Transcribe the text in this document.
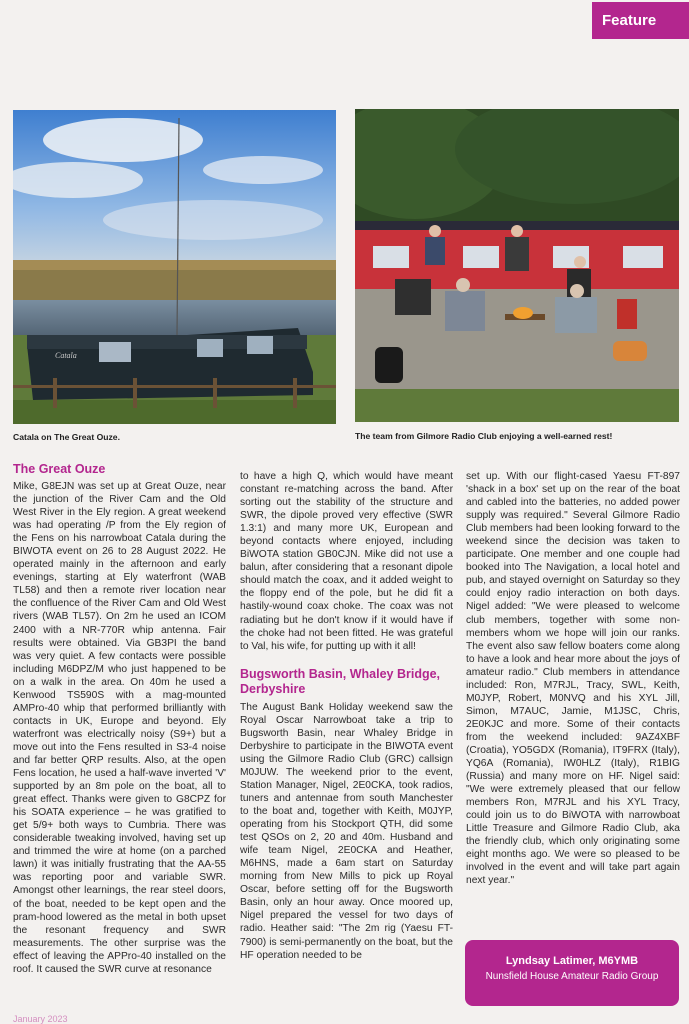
Feature
Catala
Catala on The Great Ouze.	The team from Gilmore Radio Club enjoying a well-earned rest!
The Great Ouze

Mike, G8EJN was set up at Great Ouze, near the junction of the River Cam and the Old West River in the Ely region. A great weekend was had operating /P from the Ely region of the Fens on his narrowboat Catala during the BIWOTA event on 26 to 28 August 2022. He operated mainly in the afternoon and early evenings, starting at Ely waterfront (WAB TL58) and then a remote river location near the confluence of the River Cam and Old West rivers (WAB TL57). On 2m he used an ICOM 2400 with a NR-770R whip antenna. Fair results were obtained. Via GB3PI the band was very quiet. A few contacts were possible including M6DPZ/M who just happened to be on a walk in the area. On 40m he used a Kenwood TS590S with a mag-mounted AMPro-40 whip that performed brilliantly with contacts in UK, Europe and beyond. Ely waterfront was electrically noisy (S9+) but a move out into the Fens resulted in S3-4 noise and far better QRP results. Also, at the open Fens location, he used a half-wave inverted 'V' supported by an 8m pole on the boat, all to great effect. Thanks were given to G8CPZ for his SOATA experience – he was gratified to get 5/9+ both ways to Cumbria. There was considerable tweaking involved, having set up and trimmed the wire at home (on a parched lawn) it was initially frustrating that the AA-55 was reporting poor and variable SWR. Amongst other learnings, the rear steel doors, of the boat, needed to be kept open and the pram-hood lowered as the metal in both upset the resonant frequency and SWR measurements. The other surprise was the effect of leaving the APPro-40 installed on the roof. It caused the SWR curve at resonance

to have a high Q, which would have meant constant re-matching across the band. After sorting out the stability of the structure and SWR, the dipole proved very effective (SWR 1.3:1) and many more UK, European and beyond contacts where enjoyed, including BiWOTA station GB0CJN. Mike did not use a balun, after considering that a resonant dipole should match the coax, and it added weight to the floppy end of the pole, but he did fit a hastily-wound coax choke. The coax was not radiating but he don't know if it would have if the choke had not been fitted. He was grateful to Val, his wife, for putting up with it all!

Bugsworth Basin, Whaley Bridge, Derbyshire

The August Bank Holiday weekend saw the Royal Oscar Narrowboat take a trip to Bugsworth Basin, near Whaley Bridge in Derbyshire to participate in the BIWOTA event using the Gilmore Radio Club (GRC) callsign M0JUW. The weekend prior to the event, Station Manager, Nigel, 2E0CKA, took radios, tuners and antennae from south Manchester to the boat and, together with Keith, M0JYP, operating from his Stockport QTH, did some test QSOs on 2, 20 and 40m. Husband and wife team Nigel, 2E0CKA and Heather, M6HNS, made a 6am start on Saturday morning from New Mills to pick up Royal Oscar, before setting off for the Bugsworth Basin, only an hour away. Once moored up, Nigel prepared the vessel for two days of radio. Heather said: "The 2m rig (Yaesu FT-7900) is semi-permanently on the boat, but the HF operation needed to be

set up. With our flight-cased Yaesu FT-897 'shack in a box' set up on the rear of the boat and cabled into the batteries, no added power supply was required." Several Gilmore Radio Club members had been looking forward to the weekend since the decision was taken to participate. One member and one couple had booked into The Navigation, a local hotel and pub, and stayed overnight on Saturday so they could enjoy radio interaction on both days. Nigel added: "We were pleased to welcome club members, together with some non-members whom we hope will join our ranks. The event also saw fellow boaters come along to have a look and hear more about the joys of amateur radio." Club members in attendance included: Ron, M7RJL, Tracy, SWL, Keith, M0JYP, Robert, M0NVQ and his XYL Jill, Simon, M7AUC, Jamie, M1JSC, Chris, 2E0KJC and more. Some of their contacts from the weekend included: 9AZ4XBF (Croatia), YO5GDX (Romania), IT9FRX (Italy), YQ6A (Romania), IW0HLZ (Italy), R1BIG (Russia) and many more on HF. Nigel said: "We were extremely pleased that our fellow members Ron, M7RJL and his XYL Tracy, could join us to do BiWOTA with narrowboat Little Treasure and Gilmore Radio Club, aka the friendly club, which only originating some eight months ago. We were so pleased to be involved in the event and will take part again next year."

Lyndsay Latimer, M6YMB
Nunsfield House Amateur Radio Group
January 2023
